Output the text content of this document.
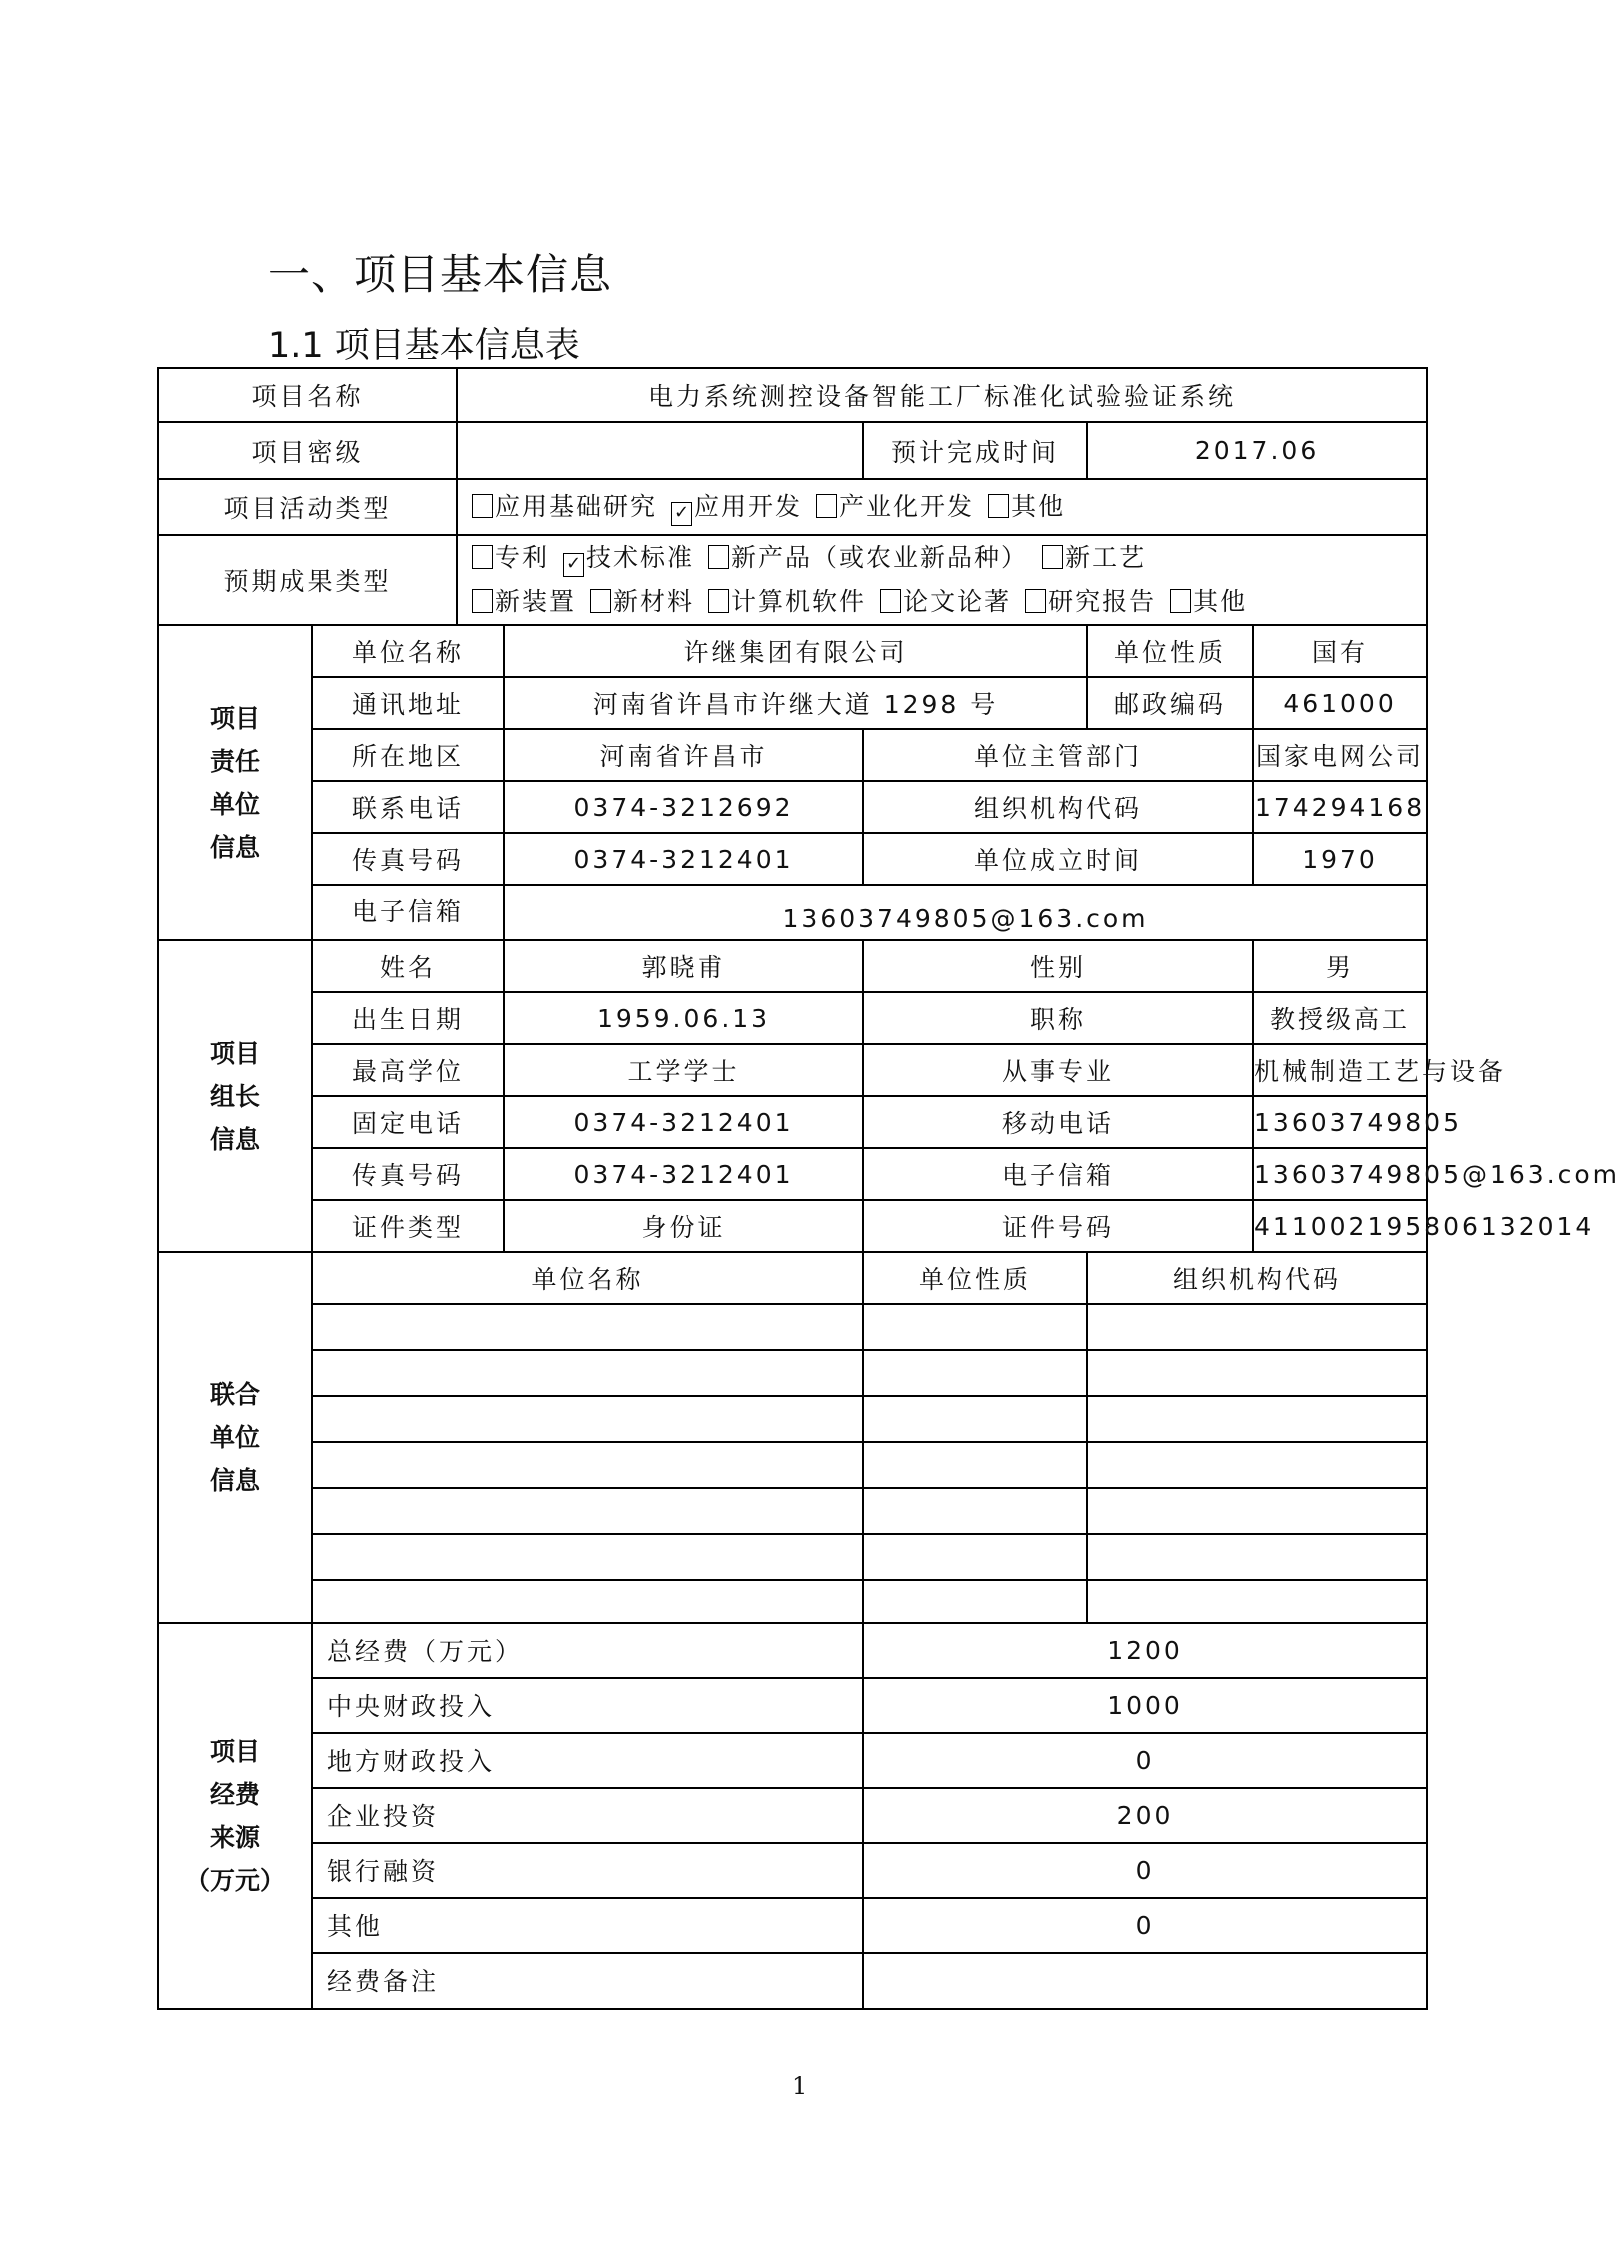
一、项目基本信息
1.1 项目基本信息表
项目名称		电力系统测控设备智能工厂标准化试验验证系统				
项目密级				预计完成时间	2017.06	
项目活动类型		应用基础研究 ✓ 应用开发 产业化开发 其他				
预期成果类型		专利 ✓ 技术标准 新产品（或农业新品种） 新工艺
新装置 新材料 计算机软件 论文论著 研究报告 其他				
项目
责任
单位
信息	单位名称		许继集团有限公司		单位性质	国有
	通讯地址		河南省许昌市许继大道 1298 号		邮政编码	461000
	所在地区		河南省许昌市	单位主管部门		国家电网公司
	联系电话		0374-3212692	组织机构代码		174294168
	传真号码		0374-3212401	单位成立时间		1970
	电子信箱		13603749805@163.com			
项目
组长
信息	姓名		郭晓甫	性别		男
	出生日期		1959.06.13	职称		教授级高工
	最高学位		工学学士	从事专业		机械制造工艺与设备
	固定电话		0374-3212401	移动电话		13603749805
	传真号码		0374-3212401	电子信箱		13603749805@163.com
	证件类型		身份证	证件号码		411002195806132014
联合
单位
信息	单位名称			单位性质	组织机构代码	

项目
经费
来源
（万元）	总经费（万元）			1200		
	中央财政投入			1000		
	地方财政投入			0		
	企业投资			200		
	银行融资			0		
	其他			0		
	经费备注					
1
